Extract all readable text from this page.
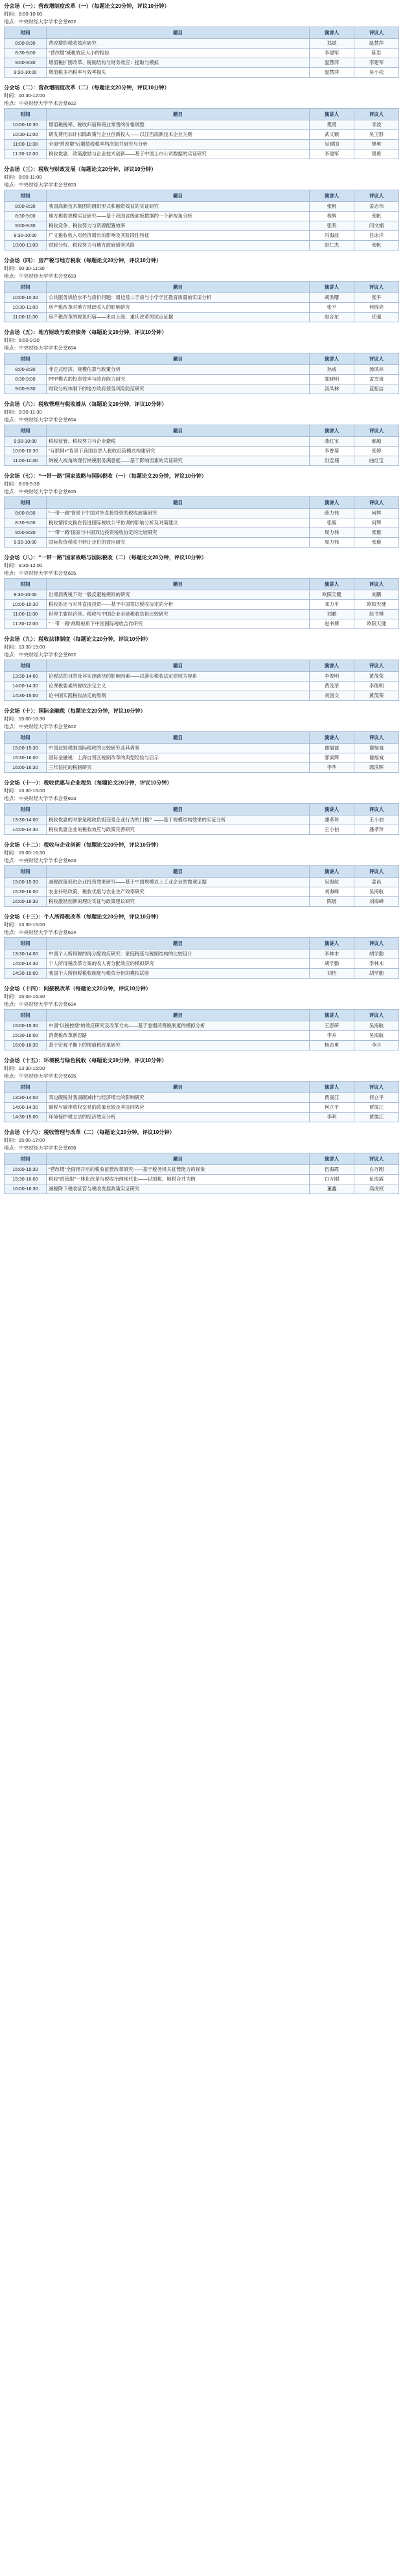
分会场（一）：营改增制度改革（一）（每题论文20分钟，评议10分钟）
时间：8:00-10:00
地点：中央财经大学学术会堂602
时间	题目	演讲人	评议人
8:00-8:30	营改增的税收效应研究	郑斌	温慧萍
8:30-9:00	“营改增”减税效应大小的检验	李建军	陈岩
9:00-9:30	增值税扩围改革、税制结构与财务效应：提取与模拟	温慧萍	李建军
9:30-10:00	增值税多档税率与效率损失	温慧萍	吴小松
分会场（二）：营改增制度改革（二）（每题论文20分钟，评议10分钟）
时间：10:30-12:00
地点：中央财经大学学术会堂602
时间	题目	演讲人	评议人
10:00-10:30	增值税税率、税收归宿和商业零售的价格调整	樊勇	李波
10:30-11:00	研发费用加计扣除政策与企业创新投入——以江西高新技术企业为例	武文颖	吴卫群
11:00-11:30	全面“营改增”后增值税税率档次简并研究与分析	吴建国	樊勇
11:30-12:00	税收优惠、政策激励与企业技术创新——基于中国上市公司数据的实证研究	李建军	樊勇
分会场（三）：税收与财政发展（每题论文20分钟，评议10分钟）
时间：8:00-11:00
地点：中央财经大学学术会堂603
时间	题目	演讲人	评议人
8:00-8:30	我国高新技术集团的组织形式和融资效益的实证研究	张帆	姜志伟
8:30-9:00	地方税收规模实证研究——基于我国省级面板数据的一个新视角分析	程辉	张帆
9:00-9:30	税收竞争、税收努力与资源配置效率	张明	闫文娟
9:30-10:00	广义税收收入对经济增长的影响及其阶段性特征	冯海波	吕冰洋
10:00-11:00	财政分权、税收努力与地方政府债务风险	赵仁杰	张帆
分会场（四）：房产税与地方税收（每题论文20分钟，评议10分钟）
时间：10:30-11:30
地点：中央财经大学学术会堂603
时间	题目	演讲人	评议人
10:00-10:30	公共服务供给水平与房价问题：周边及二手房与小学学区教育质量的实证分析	胡洪曙	张平
10:30-11:00	房产税改革对地方财政收入的影响研究	张平	何锦亮
11:00-11:30	房产税改革的税负归宿——来自上海、重庆改革的试点证据	赵合东	任强
分会场（五）：地方财政与政府债务（每题论文20分钟，评议10分钟）
时间：8:00-9:30
地点：中央财经大学学术会堂604
时间	题目	演讲人	评议人
8:00-8:30	非正式经济、规模估算与政策分析	孙成	汤凤林
8:30-9:00	PPP模式的投资效率与政府能力研究	郭晓明	孟雪琦
9:00-9:30	财政分权体制下的地方政府债务风险防范研究	汤凤林	蓝相洁
分会场（六）：税收管理与税收遵从（每题论文20分钟，评议10分钟）
时间：9:30-11:30
地点：中央财经大学学术会堂604
时间	题目	演讲人	评议人
9:30-10:00	税收征管、税收努力与企业避税	曲红宝	郝越
10:00-10:30	“互联网+”背景下我国自然人税收征管模式构建研究	李香菊	张婷
11:00-11:30	纳税人视角的现行纳税服务满意度——基于影响因素的实证研究	洪连埔	曲红宝
分会场（七）：“一带一路”国家战略与国际税收（一）（每题论文20分钟，评议10分钟）
时间：8:00-9:30
地点：中央财经大学学术会堂605
时间	题目	演讲人	评议人
8:00-8:30	“一带一路”背景下中国对外直接投资的税收政策研究	薛力伟	何辉
8:30-9:00	税收情报交换在促进国际税收公平协调的影响分析及对策建议	张璇	何辉
9:00-9:30	“一带一路”国家与中国双边投资税收协定的比较研究	周力伟	张璇
9:30-10:00	国际投资税收中转让定价的效应研究	周力伟	张璇
分会场（八）：“一带一路”国家战略与国际税收（二）（每题论文20分钟，评议10分钟）
时间：9:30-12:00
地点：中央财经大学学术会堂605
时间	题目	演讲人	评议人
9:30-10:00	出境消费税下对一般反避税规则的研究	欧阳天健	刘鹏
10:00-10:30	税收协定与对外直接投资——基于中国签订税收协定的分析	邓力平	欧阳天健
11:00-11:30	世界主要经济体、税收与中国企业全球税收负担比较研究	刘鹏	赵书博
11:30-12:00	“一带一路”战略视角下中国国际税收合作研究	赵书博	欧阳天健
分会场（九）：税收法律制度（每题论文20分钟，评议10分钟）
时间：13:30-15:00
地点：中央财经大学学术会堂602
时间	题目	演讲人	评议人
13:30-14:00	论税法的目的及其实现路径的影响因素——以落实税收法定原则为视角	李俊明	黄茂荣
14:00-14:30	论课税要素的税收法定主义	黄茂荣	李俊明
14:30-15:00	论中国实践税收法定的原则	刘剑文	黄茂荣
分会场（十）：国际金融税（每题论文20分钟，评议10分钟）
时间：15:00-16:30
地点：中央财经大学学术会堂602
时间	题目	演讲人	评议人
15:00-15:30	中国比较税制国际税收的比较研究及其借鉴	谢福诚	谢福诚
15:30-16:00	国际金融税：上海自贸区税制改革的典型经验与启示	郭滨辉	谢福诚
16:00-16:30	三代信托的税制研究	李华	郭滨辉
分会场（十一）：税收优惠与企业税负（每题论文20分钟，评议10分钟）
时间：13:30-15:00
地点：中央财经大学学术会堂603
时间	题目	演讲人	评议人
13:30-14:00	税收优惠的对象是税收负担还是企业行为的门槛？——基于规模结构效果的实证分析	潘孝珍	王小伯
14:00-14:30	税收优惠企业的税收效应与政策完善研究	王小伯	潘孝珍
分会场（十二）：税收与企业创新（每题论文20分钟，评议10分钟）
时间：15:00-16:30
地点：中央财经大学学术会堂603
时间	题目	演讲人	评议人
15:00-15:30	减税政策促进企业投资效果研究——基于中国规模以上工业企业的微观证据	吴海航	姜昌
15:30-16:00	农业补贴政策、税收优惠与农业生产效率研究	刘海峰	吴海航
16:00-16:30	税收激励创新的理论实证与政策建议研究	陈展	刘海峰
分会场（十三）：个人所得税改革（每题论文20分钟，评议10分钟）
时间：13:30-15:00
地点：中央财经大学学术会堂604
时间	题目	演讲人	评议人
13:30-14:00	中国个人所得税的再分配效应研究：家庭税基与税制结构的比较设计	李林木	胡学勤
14:00-14:30	个人所得税改革方案的收入再分配效应的模拟研究	胡学勤	李林木
14:30-15:00	我国个人所得税税收制度与税负分担的模拟试验	刘怡	胡学勤
分会场（十四）：间接税改革（每题论文20分钟，评议10分钟）
时间：15:00-16:30
地点：中央财经大学学术会堂604
时间	题目	演讲人	评议人
15:00-15:30	中国“以税控烟”的效应研究及改革方向——基于卷烟消费税制度的模拟分析	王思研	吴海航
15:30-16:00	消费税改革新思路	李升	吴海航
16:00-16:30	基于宏观平衡下的增值税改革研究	杨志勇	李升
分会场（十五）：环境税与绿色税收（每题论文20分钟，评议10分钟）
时间：13:30-15:00
地点：中央财经大学学术会堂605
时间	题目	演讲人	评议人
13:30-14:00	双边碳税对我国碳减排与经济增长的影响研究	贾晟江	何立平
14:00-14:30	碳税与碳排放权交易的政策比较及其协同效应	何立平	贾晟江
14:30-15:00	环境保护税立法的经济效应分析	李明	贾晟江
分会场（十六）：税收管理与改革（二）（每题论文20分钟，评议10分钟）
时间：15:00-17:00
地点：中央财经大学学术会堂606
时间	题目	演讲人	评议人
15:00-15:30	“营改增”全面推开后的税收征管改革研究——基于税务机关征管能力的视角	伍海霞	白万刚
15:30-16:00	税收“放管服”一体化改革与税收治理现代化——以国税、地税合并为例	白万刚	伍海霞
16:00-16:30	减税降下税收征管与税收发展政策实证研究	董鑫	高虎权
